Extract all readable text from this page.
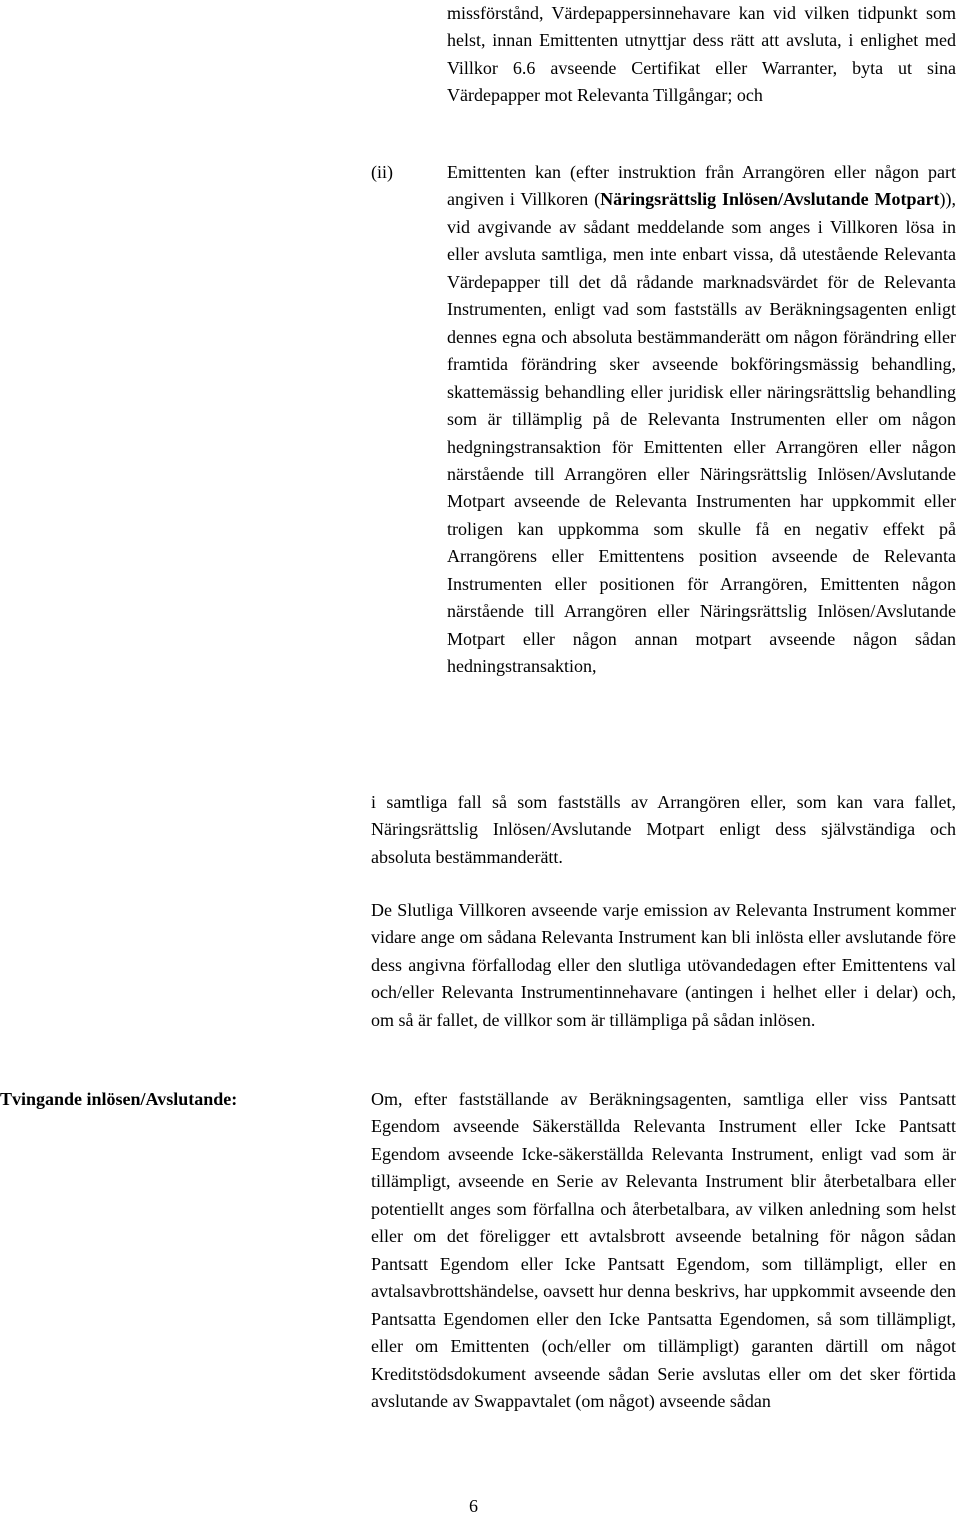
missförstånd, Värdepappersinnehavare kan vid vilken tidpunkt som helst, innan Emittenten utnyttjar dess rätt att avsluta, i enlighet med Villkor 6.6 avseende Certifikat eller Warranter, byta ut sina Värdepapper mot Relevanta Tillgångar; och

(ii)	Emittenten kan (efter instruktion från Arrangören eller någon part angiven i Villkoren (Näringsrättslig Inlösen/Avslutande Motpart)), vid avgivande av sådant meddelande som anges i Villkoren lösa in eller avsluta samtliga, men inte enbart vissa, då utestående Relevanta Värdepapper till det då rådande marknadsvärdet för de Relevanta Instrumenten, enligt vad som fastställs av Beräkningsagenten enligt dennes egna och absoluta bestämmanderätt om någon förändring eller framtida förändring sker avseende bokföringsmässig behandling, skattemässig behandling eller juridisk eller näringsrättslig behandling som är tillämplig på de Relevanta Instrumenten eller om någon hedgningstransaktion för Emittenten eller Arrangören eller någon närstående till Arrangören eller Näringsrättslig Inlösen/Avslutande Motpart avseende de Relevanta Instrumenten har uppkommit eller troligen kan uppkomma som skulle få en negativ effekt på Arrangörens eller Emittentens position avseende de Relevanta Instrumenten eller positionen för Arrangören, Emittenten någon närstående till Arrangören eller Näringsrättslig Inlösen/Avslutande Motpart eller någon annan motpart avseende någon sådan hedningstransaktion,

i samtliga fall så som fastställs av Arrangören eller, som kan vara fallet, Näringsrättslig Inlösen/Avslutande Motpart enligt dess självständiga och absoluta bestämmanderätt.

De Slutliga Villkoren avseende varje emission av Relevanta Instrument kommer vidare ange om sådana Relevanta Instrument kan bli inlösta eller avslutande före dess angivna förfallodag eller den slutliga utövandedagen efter Emittentens val och/eller Relevanta Instrumentinnehavare (antingen i helhet eller i delar) och, om så är fallet, de villkor som är tillämpliga på sådan inlösen.

Tvingande inlösen/Avslutande:	Om, efter fastställande av Beräkningsagenten, samtliga eller viss Pantsatt Egendom avseende Säkerställda Relevanta Instrument eller Icke Pantsatt Egendom avseende Icke-säkerställda Relevanta Instrument, enligt vad som är tillämpligt, avseende en Serie av Relevanta Instrument blir återbetalbara eller potentiellt anges som förfallna och återbetalbara, av vilken anledning som helst eller om det föreligger ett avtalsbrott avseende betalning för någon sådan Pantsatt Egendom eller Icke Pantsatt Egendom, som tillämpligt, eller en avtalsavbrottshändelse, oavsett hur denna beskrivs, har uppkommit avseende den Pantsatta Egendomen eller den Icke Pantsatta Egendomen, så som tillämpligt, eller om Emittenten (och/eller om tillämpligt) garanten därtill om något Kreditstödsdokument avseende sådan Serie avslutas eller om det sker förtida avslutande av Swappavtalet (om något) avseende sådan

6
